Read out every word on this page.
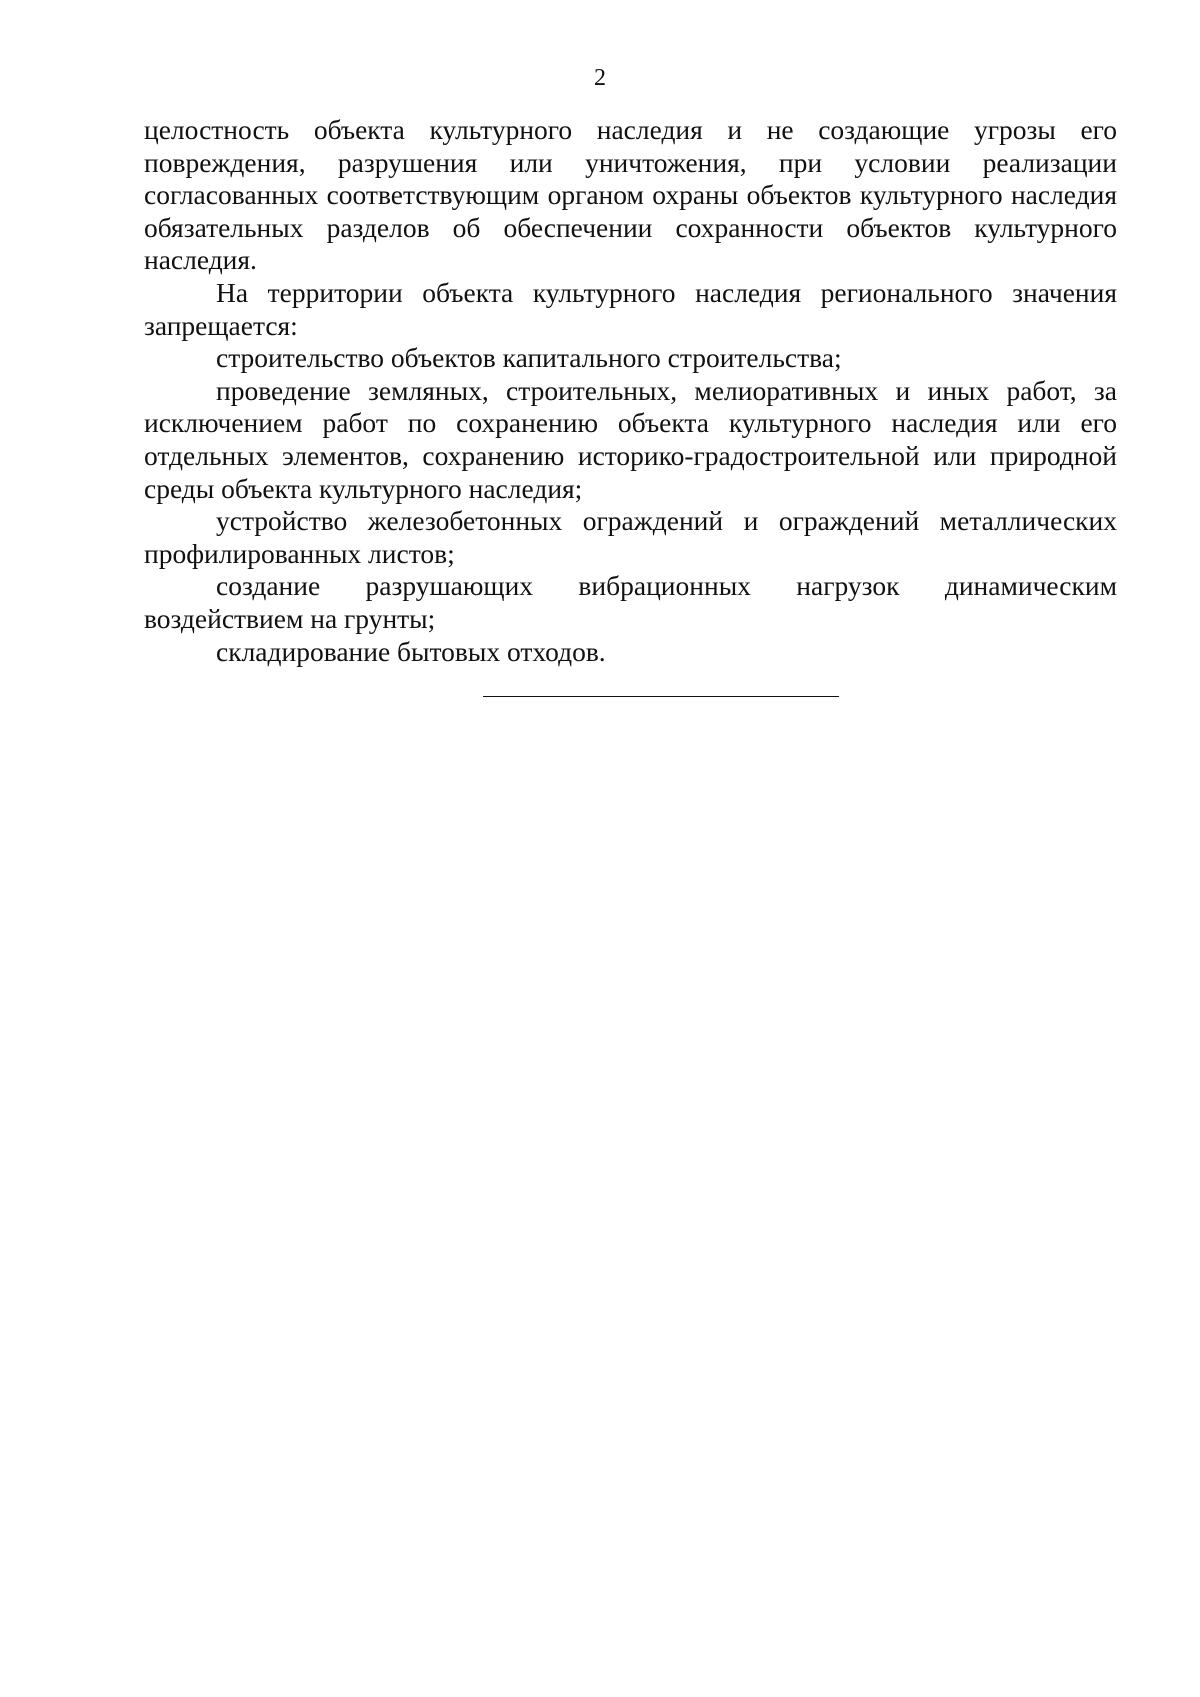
2

целостность объекта культурного наследия и не создающие угрозы его повреждения, разрушения или уничтожения, при условии реализации согласованных соответствующим органом охраны объектов культурного наследия обязательных разделов об обеспечении сохранности объектов культурного наследия.

На территории объекта культурного наследия регионального значения запрещается:

строительство объектов капитального строительства;

проведение земляных, строительных, мелиоративных и иных работ, за исключением работ по сохранению объекта культурного наследия или его отдельных элементов, сохранению историко-градостроительной или природной среды объекта культурного наследия;

устройство железобетонных ограждений и ограждений металлических профилированных листов;

создание разрушающих вибрационных нагрузок динамическим воздействием на грунты;

складирование бытовых отходов.
